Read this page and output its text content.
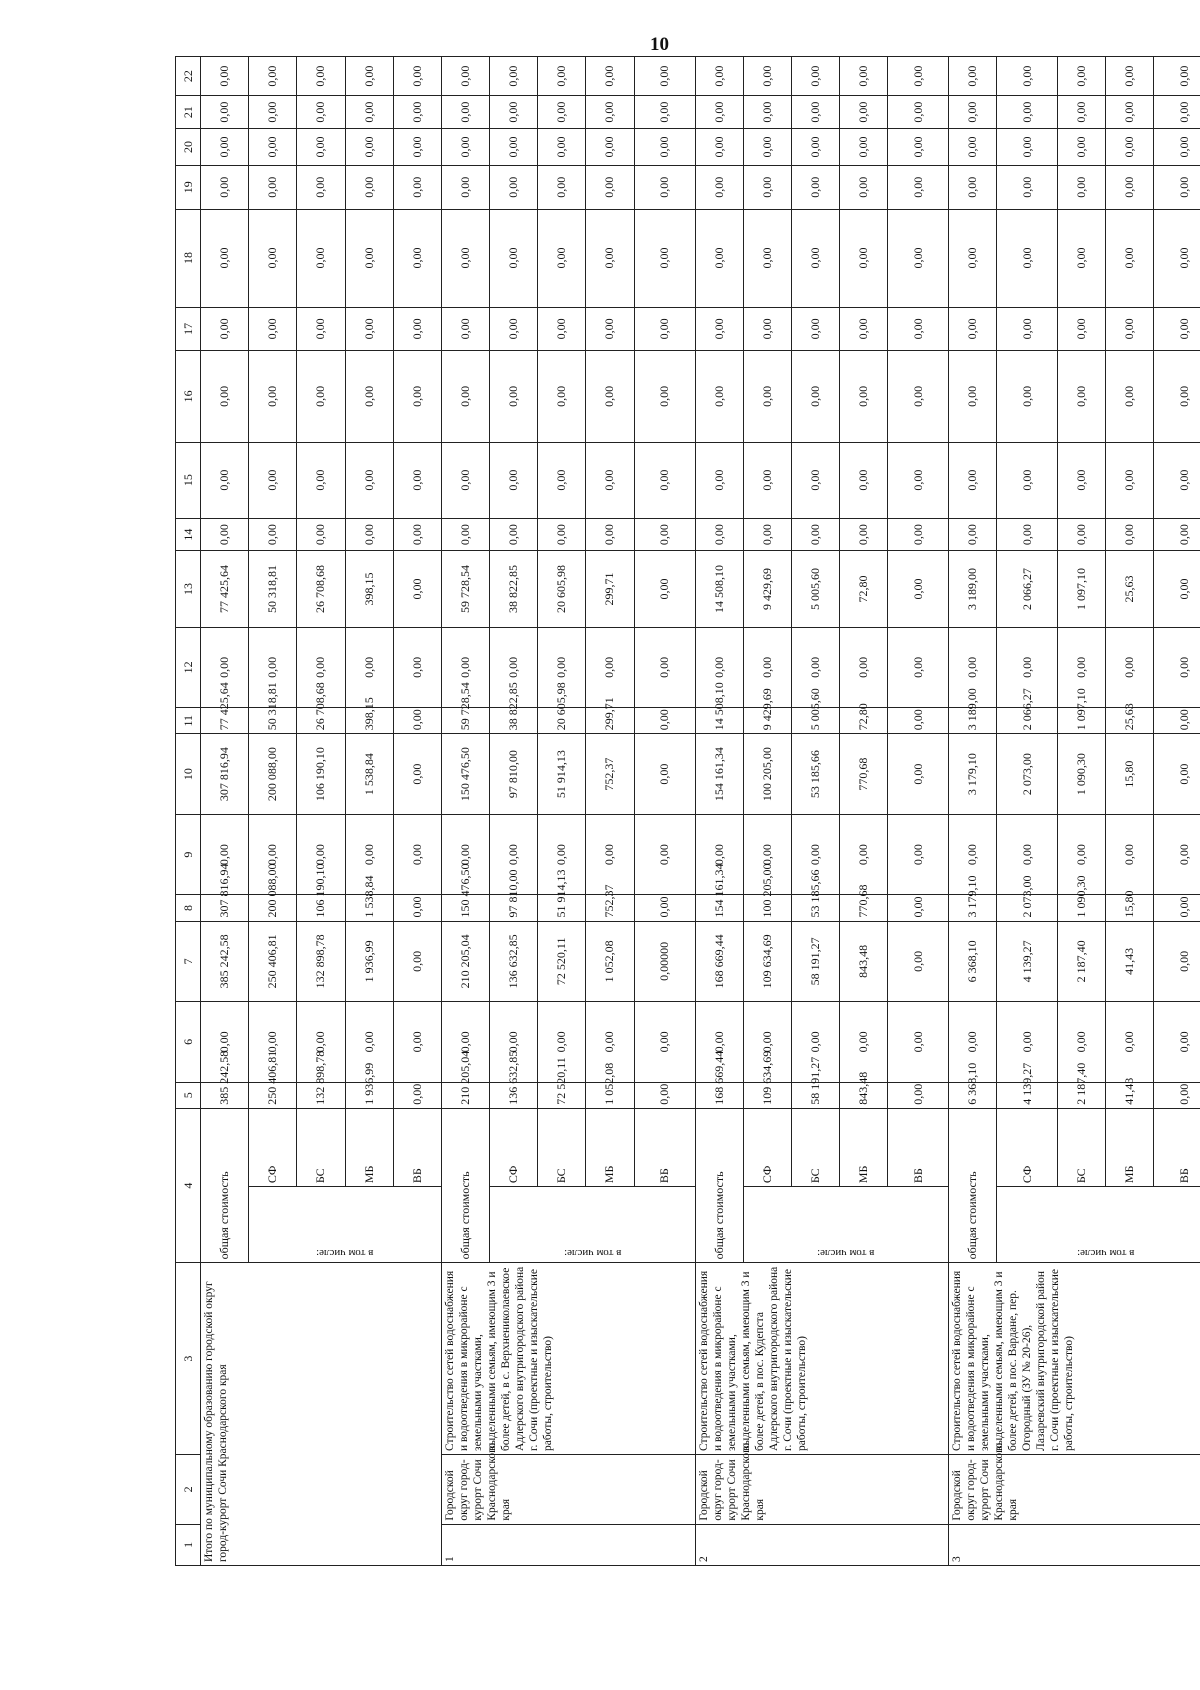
10
1	2	3	4		5	6	7	8	9	10	11	12	13	14	15	16	17	18	19	20	21	22
Итого по муниципальному образованию городской округ город-курорт Сочи Краснодарского края			общая стоимость		385 242,58	0,00	385 242,58	307 816,94	0,00	307 816,94	77 425,64	0,00	77 425,64	0,00	0,00	0,00	0,00	0,00	0,00	0,00	0,00	0,00

			в том числе:	СФ	250 406,81	0,00	250 406,81	200 088,00	0,00	200 088,00	50 318,81	0,00	50 318,81	0,00	0,00	0,00	0,00	0,00	0,00	0,00	0,00	0,00
				БС	132 898,78	0,00	132 898,78	106 190,10	0,00	106 190,10	26 708,68	0,00	26 708,68	0,00	0,00	0,00	0,00	0,00	0,00	0,00	0,00	0,00
				МБ	1 936,99	0,00	1 936,99	1 538,84	0,00	1 538,84	398,15	0,00	398,15	0,00	0,00	0,00	0,00	0,00	0,00	0,00	0,00	0,00
				ВБ	0,00	0,00	0,00	0,00	0,00	0,00	0,00	0,00	0,00	0,00	0,00	0,00	0,00	0,00	0,00	0,00	0,00	0,00
1	Городской округ город-курорт Сочи Краснодарского края	Строительство сетей водоснабжения и водоотведения в микрорайоне с земельными участками, выделенными семьям, имеющим 3 и более детей, в с. Верхнениколаевское Адлерского внутригородского района г. Сочи (проектные и изыскательские работы, строительство)	общая стоимость		210 205,04	0,00	210 205,04	150 476,50	0,00	150 476,50	59 728,54	0,00	59 728,54	0,00	0,00	0,00	0,00	0,00	0,00	0,00	0,00	0,00

			в том числе:	СФ	136 632,85	0,00	136 632,85	97 810,00	0,00	97 810,00	38 822,85	0,00	38 822,85	0,00	0,00	0,00	0,00	0,00	0,00	0,00	0,00	0,00
				БС	72 520,11	0,00	72 520,11	51 914,13	0,00	51 914,13	20 605,98	0,00	20 605,98	0,00	0,00	0,00	0,00	0,00	0,00	0,00	0,00	0,00
				МБ	1 052,08	0,00	1 052,08	752,37	0,00	752,37	299,71	0,00	299,71	0,00	0,00	0,00	0,00	0,00	0,00	0,00	0,00	0,00
				ВБ	0,00	0,00	0,00000	0,00	0,00	0,00	0,00	0,00	0,00	0,00	0,00	0,00	0,00	0,00	0,00	0,00	0,00	0,00
2	Городской округ город-курорт Сочи Краснодарского края	Строительство сетей водоснабжения и водоотведения в микрорайоне с земельными участками, выделенными семьям, имеющим 3 и более детей, в пос. Кудепста Адлерского внутригородского района г. Сочи (проектные и изыскательские работы, строительство)	общая стоимость		168 669,44	0,00	168 669,44	154 161,34	0,00	154 161,34	14 508,10	0,00	14 508,10	0,00	0,00	0,00	0,00	0,00	0,00	0,00	0,00	0,00

			в том числе:	СФ	109 634,69	0,00	109 634,69	100 205,00	0,00	100 205,00	9 429,69	0,00	9 429,69	0,00	0,00	0,00	0,00	0,00	0,00	0,00	0,00	0,00
				БС	58 191,27	0,00	58 191,27	53 185,66	0,00	53 185,66	5 005,60	0,00	5 005,60	0,00	0,00	0,00	0,00	0,00	0,00	0,00	0,00	0,00
				МБ	843,48	0,00	843,48	770,68	0,00	770,68	72,80	0,00	72,80	0,00	0,00	0,00	0,00	0,00	0,00	0,00	0,00	0,00
				ВБ	0,00	0,00	0,00	0,00	0,00	0,00	0,00	0,00	0,00	0,00	0,00	0,00	0,00	0,00	0,00	0,00	0,00	0,00
3	Городской округ город-курорт Сочи Краснодарского края	Строительство сетей водоснабжения и водоотведения в микрорайоне с земельными участками, выделенными семьям, имеющим 3 и более детей, в пос. Вардане, пер. Огородный (ЗУ № 20-26), Лазаревский внутригородской район г. Сочи (проектные и изыскательские работы, строительство)	общая стоимость		6 368,10	0,00	6 368,10	3 179,10	0,00	3 179,10	3 189,00	0,00	3 189,00	0,00	0,00	0,00	0,00	0,00	0,00	0,00	0,00	0,00

			в том числе:	СФ	4 139,27	0,00	4 139,27	2 073,00	0,00	2 073,00	2 066,27	0,00	2 066,27	0,00	0,00	0,00	0,00	0,00	0,00	0,00	0,00	0,00
				БС	2 187,40	0,00	2 187,40	1 090,30	0,00	1 090,30	1 097,10	0,00	1 097,10	0,00	0,00	0,00	0,00	0,00	0,00	0,00	0,00	0,00
				МБ	41,43	0,00	41,43	15,80	0,00	15,80	25,63	0,00	25,63	0,00	0,00	0,00	0,00	0,00	0,00	0,00	0,00	0,00
				ВБ	0,00	0,00	0,00	0,00	0,00	0,00	0,00	0,00	0,00	0,00	0,00	0,00	0,00	0,00	0,00	0,00	0,00	0,00
